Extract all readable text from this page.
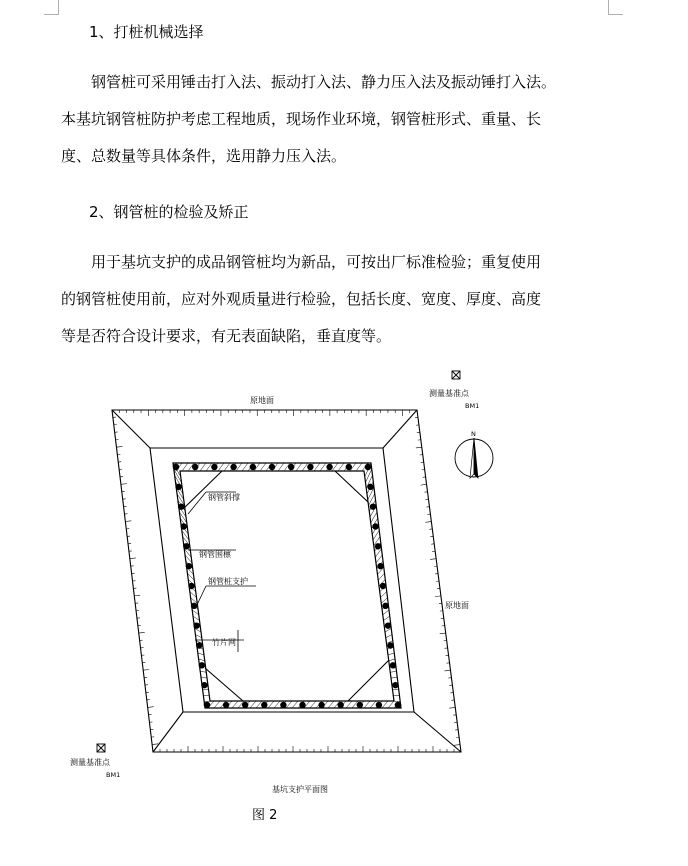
1、打桩机械选择
钢管桩可采用锤击打入法、振动打入法、静力压入法及振动锤打入法。
本基坑钢管桩防护考虑工程地质，现场作业环境，钢管桩形式、重量、长
度、总数量等具体条件，选用静力压入法。
2、钢管桩的检验及矫正
用于基坑支护的成品钢管桩均为新品，可按出厂标准检验；重复使用
的钢管桩使用前，应对外观质量进行检验，包括长度、宽度、厚度、高度
等是否符合设计要求，有无表面缺陷，垂直度等。
原地面
原地面
钢管斜撑
钢管围檩
钢管桩支护
竹片网
测量基准点
BM1
测量基准点
BM1
基坑支护平面图
N
图 2
